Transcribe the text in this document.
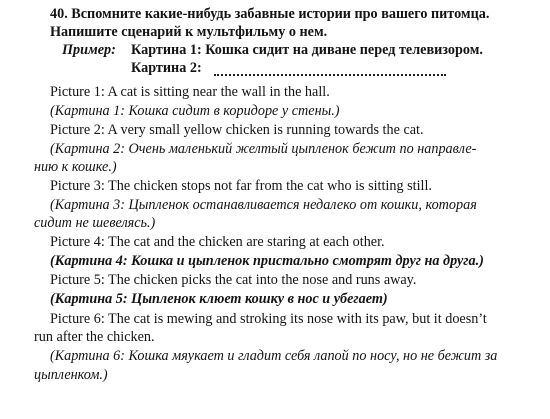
40. Вспомните какие-нибудь забавные истории про вашего питомца.
Напишите сценарий к мультфильму о нем.
Пример: Картина 1: Кошка сидит на диване перед телевизором.
Картина 2:
Picture 1: A cat is sitting near the wall in the hall.
(Картина 1: Кошка сидит в коридоре у стены.)
Picture 2: A very small yellow chicken is running towards the cat.
(Картина 2: Очень маленький желтый цыпленок бежит по направле-
нию к кошке.)
Picture 3: The chicken stops not far from the cat who is sitting still.
(Картина 3: Цыпленок останавливается недалеко от кошки, которая
сидит не шевелясь.)
Picture 4: The cat and the chicken are staring at each other.
(Картина 4: Кошка и цыпленок пристально смотрят друг на друга.)
Picture 5: The chicken picks the cat into the nose and runs away.
(Картина 5: Цыпленок клюет кошку в нос и убегает)
Picture 6: The cat is mewing and stroking its nose with its paw, but it doesn’t
run after the chicken.
(Картина 6: Кошка мяукает и гладит себя лапой по носу, но не бежит за
цыпленком.)
